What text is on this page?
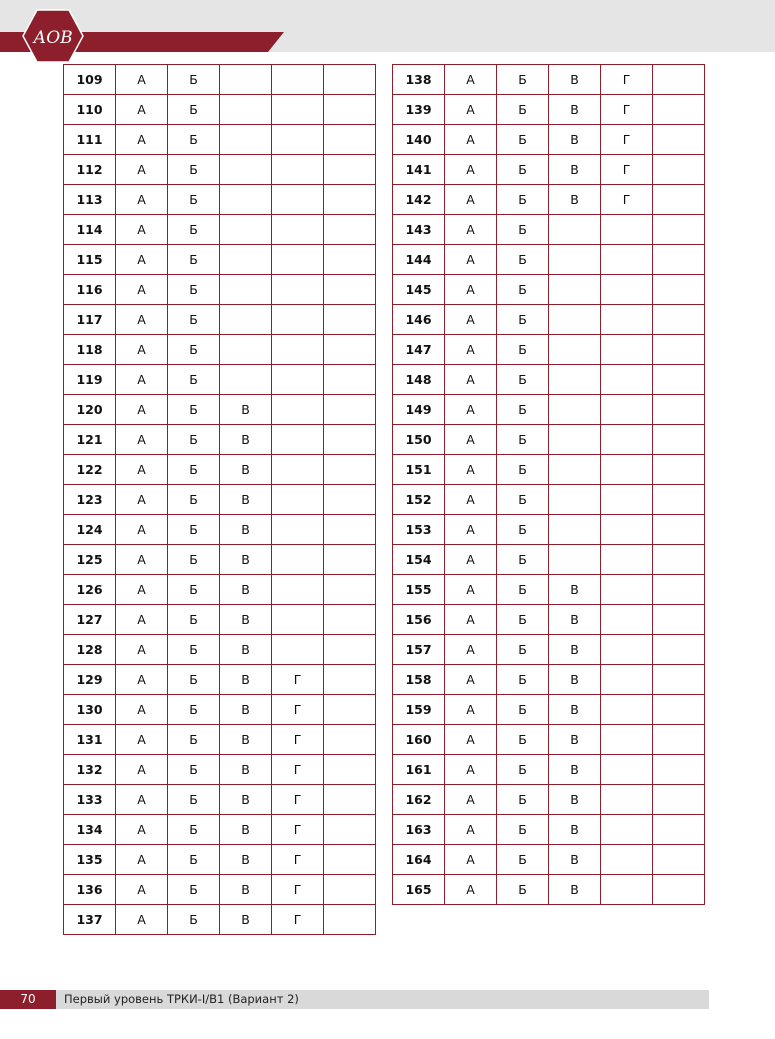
АОВ
109	А	Б			
110	А	Б			
111	А	Б			
112	А	Б			
113	А	Б			
114	А	Б			
115	А	Б			
116	А	Б			
117	А	Б			
118	А	Б			
119	А	Б			
120	А	Б	В		
121	А	Б	В		
122	А	Б	В		
123	А	Б	В		
124	А	Б	В		
125	А	Б	В		
126	А	Б	В		
127	А	Б	В		
128	А	Б	В		
129	А	Б	В	Г	
130	А	Б	В	Г	
131	А	Б	В	Г	
132	А	Б	В	Г	
133	А	Б	В	Г	
134	А	Б	В	Г	
135	А	Б	В	Г	
136	А	Б	В	Г	
137	А	Б	В	Г	
138	А	Б	В	Г	
139	А	Б	В	Г	
140	А	Б	В	Г	
141	А	Б	В	Г	
142	А	Б	В	Г	
143	А	Б			
144	А	Б			
145	А	Б			
146	А	Б			
147	А	Б			
148	А	Б			
149	А	Б			
150	А	Б			
151	А	Б			
152	А	Б			
153	А	Б			
154	А	Б			
155	А	Б	В		
156	А	Б	В		
157	А	Б	В		
158	А	Б	В		
159	А	Б	В		
160	А	Б	В		
161	А	Б	В		
162	А	Б	В		
163	А	Б	В		
164	А	Б	В		
165	А	Б	В		
70	Первый уровень ТРКИ-I/B1 (Вариант 2)
